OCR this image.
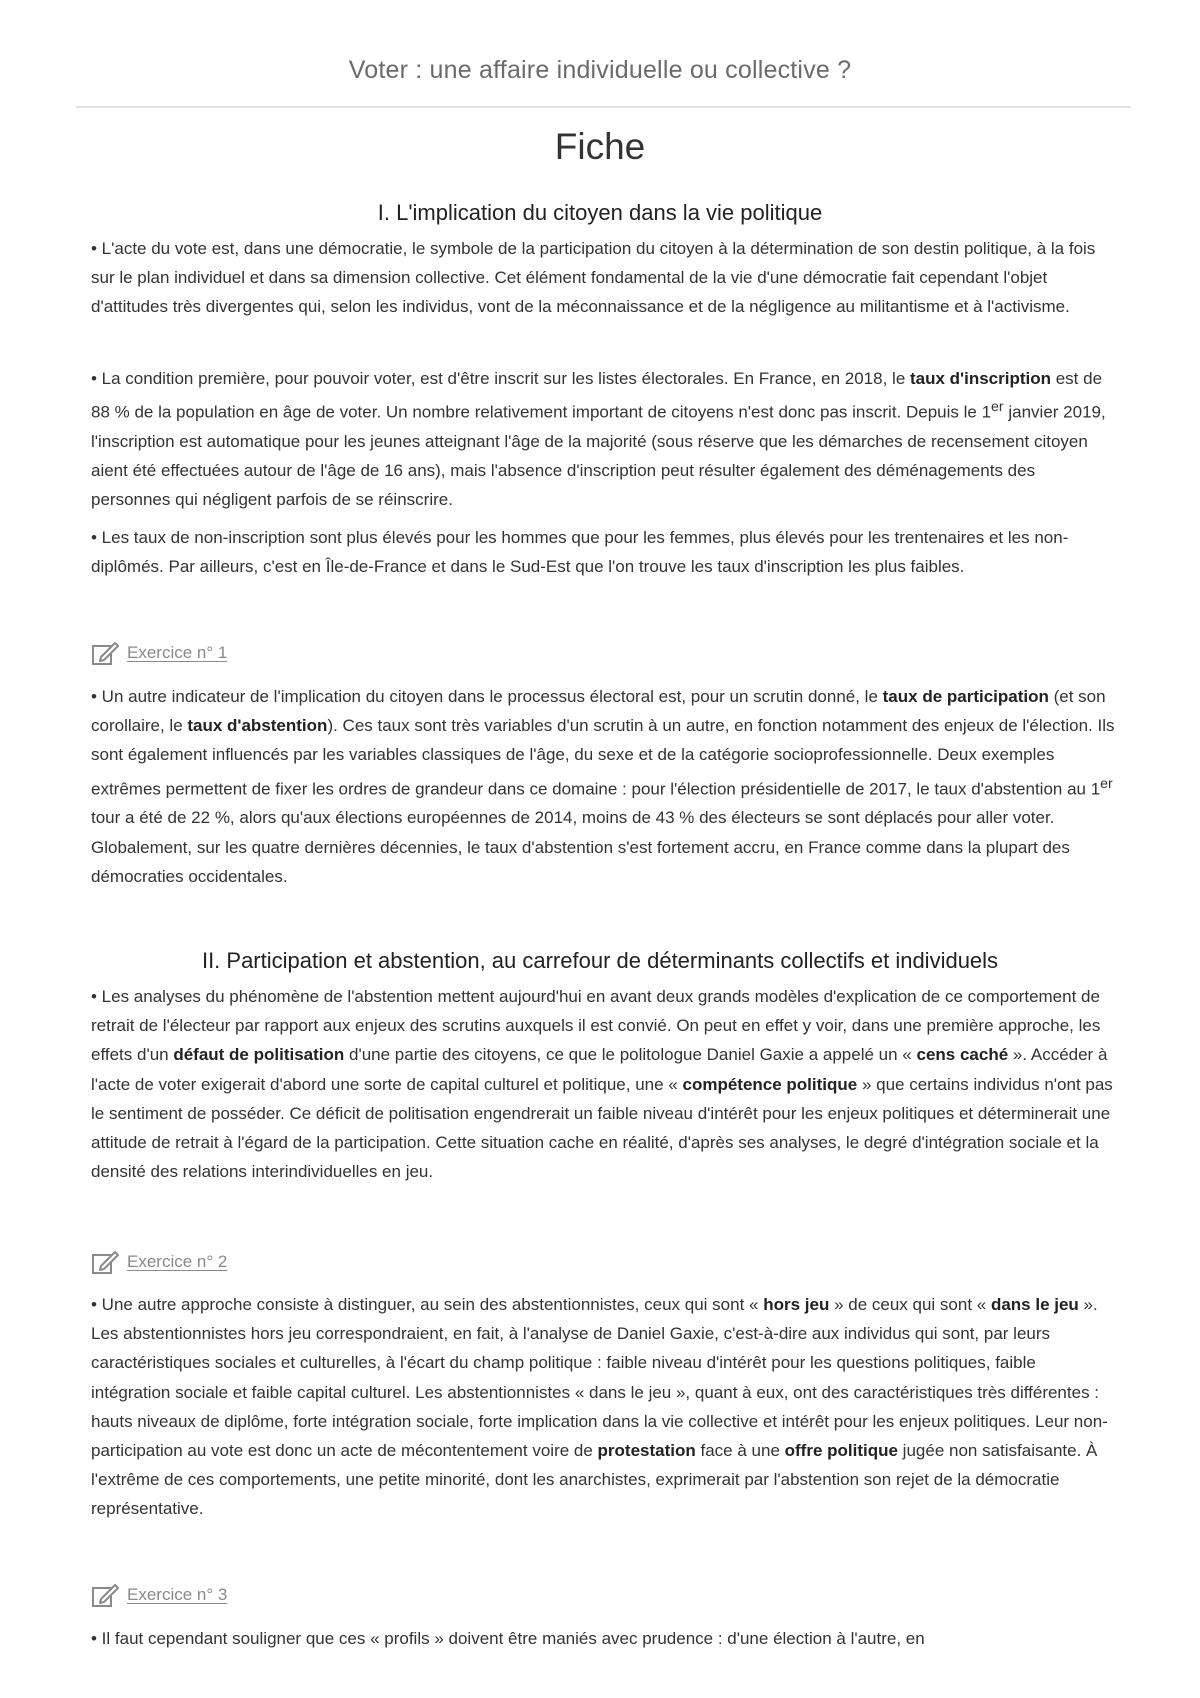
Voter : une affaire individuelle ou collective ?
Fiche
I. L'implication du citoyen dans la vie politique

• L'acte du vote est, dans une démocratie, le symbole de la participation du citoyen à la détermination de son destin politique, à la fois sur le plan individuel et dans sa dimension collective. Cet élément fondamental de la vie d'une démocratie fait cependant l'objet d'attitudes très divergentes qui, selon les individus, vont de la méconnaissance et de la négligence au militantisme et à l'activisme.

• La condition première, pour pouvoir voter, est d'être inscrit sur les listes électorales. En France, en 2018, le taux d'inscription est de 88 % de la population en âge de voter. Un nombre relativement important de citoyens n'est donc pas inscrit. Depuis le 1er janvier 2019, l'inscription est automatique pour les jeunes atteignant l'âge de la majorité (sous réserve que les démarches de recensement citoyen aient été effectuées autour de l'âge de 16 ans), mais l'absence d'inscription peut résulter également des déménagements des personnes qui négligent parfois de se réinscrire.

• Les taux de non-inscription sont plus élevés pour les hommes que pour les femmes, plus élevés pour les trentenaires et les non-diplômés. Par ailleurs, c'est en Île-de-France et dans le Sud-Est que l'on trouve les taux d'inscription les plus faibles.

Exercice n° 1

• Un autre indicateur de l'implication du citoyen dans le processus électoral est, pour un scrutin donné, le taux de participation (et son corollaire, le taux d'abstention). Ces taux sont très variables d'un scrutin à un autre, en fonction notamment des enjeux de l'élection. Ils sont également influencés par les variables classiques de l'âge, du sexe et de la catégorie socioprofessionnelle. Deux exemples extrêmes permettent de fixer les ordres de grandeur dans ce domaine : pour l'élection présidentielle de 2017, le taux d'abstention au 1er tour a été de 22 %, alors qu'aux élections européennes de 2014, moins de 43 % des électeurs se sont déplacés pour aller voter. Globalement, sur les quatre dernières décennies, le taux d'abstention s'est fortement accru, en France comme dans la plupart des démocraties occidentales.

II. Participation et abstention, au carrefour de déterminants collectifs et individuels

• Les analyses du phénomène de l'abstention mettent aujourd'hui en avant deux grands modèles d'explication de ce comportement de retrait de l'électeur par rapport aux enjeux des scrutins auxquels il est convié. On peut en effet y voir, dans une première approche, les effets d'un défaut de politisation d'une partie des citoyens, ce que le politologue Daniel Gaxie a appelé un « cens caché ». Accéder à l'acte de voter exigerait d'abord une sorte de capital culturel et politique, une « compétence politique » que certains individus n'ont pas le sentiment de posséder. Ce déficit de politisation engendrerait un faible niveau d'intérêt pour les enjeux politiques et déterminerait une attitude de retrait à l'égard de la participation. Cette situation cache en réalité, d'après ses analyses, le degré d'intégration sociale et la densité des relations interindividuelles en jeu.

Exercice n° 2

• Une autre approche consiste à distinguer, au sein des abstentionnistes, ceux qui sont « hors jeu » de ceux qui sont « dans le jeu ». Les abstentionnistes hors jeu correspondraient, en fait, à l'analyse de Daniel Gaxie, c'est-à-dire aux individus qui sont, par leurs caractéristiques sociales et culturelles, à l'écart du champ politique : faible niveau d'intérêt pour les questions politiques, faible intégration sociale et faible capital culturel. Les abstentionnistes « dans le jeu », quant à eux, ont des caractéristiques très différentes : hauts niveaux de diplôme, forte intégration sociale, forte implication dans la vie collective et intérêt pour les enjeux politiques. Leur non-participation au vote est donc un acte de mécontentement voire de protestation face à une offre politique jugée non satisfaisante. À l'extrême de ces comportements, une petite minorité, dont les anarchistes, exprimerait par l'abstention son rejet de la démocratie représentative.

Exercice n° 3

• Il faut cependant souligner que ces « profils » doivent être maniés avec prudence : d'une élection à l'autre, en
